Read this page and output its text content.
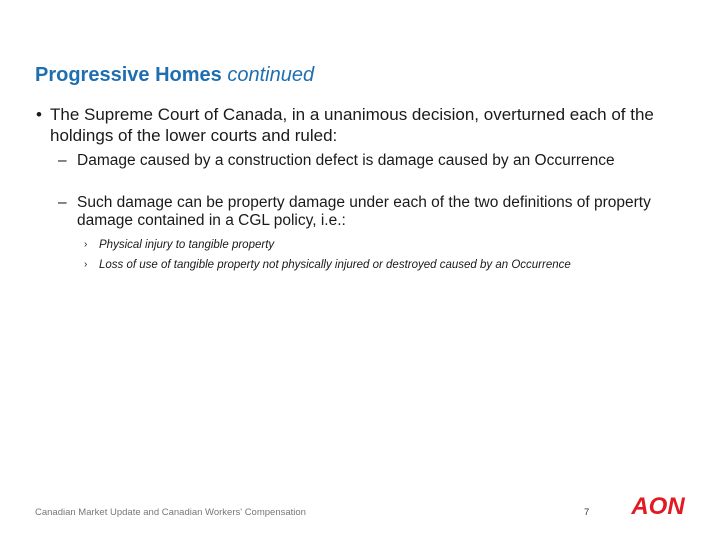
Progressive Homes continued
• The Supreme Court of Canada, in a unanimous decision, overturned each of the holdings of the lower courts and ruled:
– Damage caused by a construction defect is damage caused by an Occurrence
– Such damage can be property damage under each of the two definitions of property damage contained in a CGL policy, i.e.:
›	Physical injury to tangible property
›	Loss of use of tangible property not physically injured or destroyed caused by an Occurrence
Canadian Market Update and Canadian Workers' Compensation	7 AON
